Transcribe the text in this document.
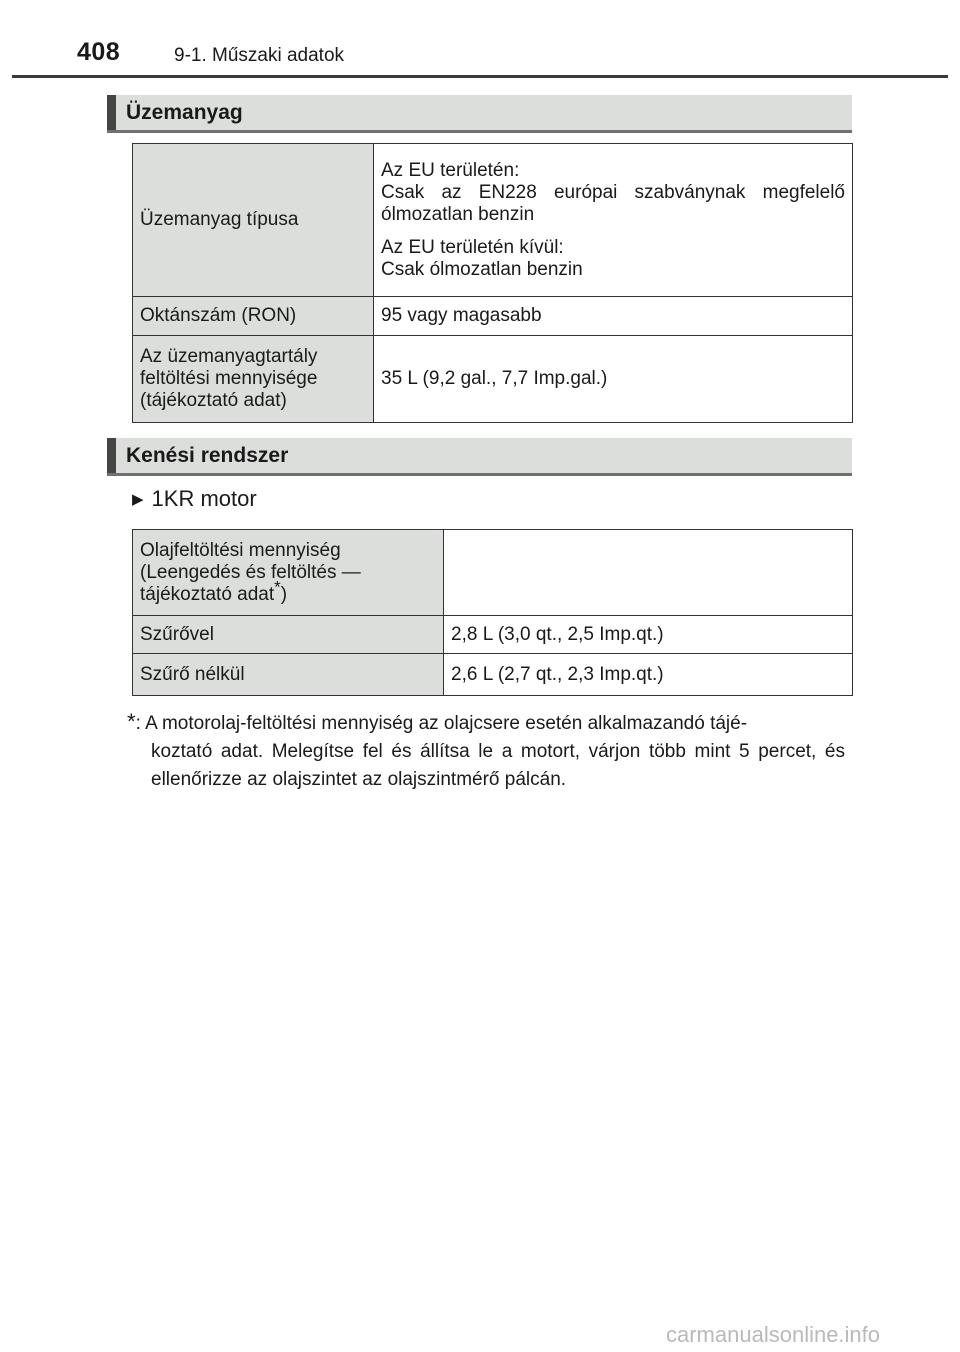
408	9-1. Műszaki adatok
Üzemanyag
Üzemanyag típusa	Az EU területén:
Csak az EN228 európai szabványnak megfelelő ólmozatlan benzin

Az EU területén kívül:
Csak ólmozatlan benzin

Oktánszám (RON)	95 vagy magasabb
Az üzemanyagtartály feltöltési mennyisége (tájékoztató adat)	35 L (9,2 gal., 7,7 Imp.gal.)
Kenési rendszer
▶ 1KR motor
Olajfeltöltési mennyiség (Leengedés és feltöltés — tájékoztató adat*)	
Szűrővel	2,8 L (3,0 qt., 2,5 Imp.qt.)
Szűrő nélkül	2,6 L (2,7 qt., 2,3 Imp.qt.)
*: A motorolaj-feltöltési mennyiség az olajcsere esetén alkalmazandó tájé-
koztató adat. Melegítse fel és állítsa le a motort, várjon több mint 5 percet, és ellenőrizze az olajszintet az olajszintmérő pálcán.
carmanualsonline.info
